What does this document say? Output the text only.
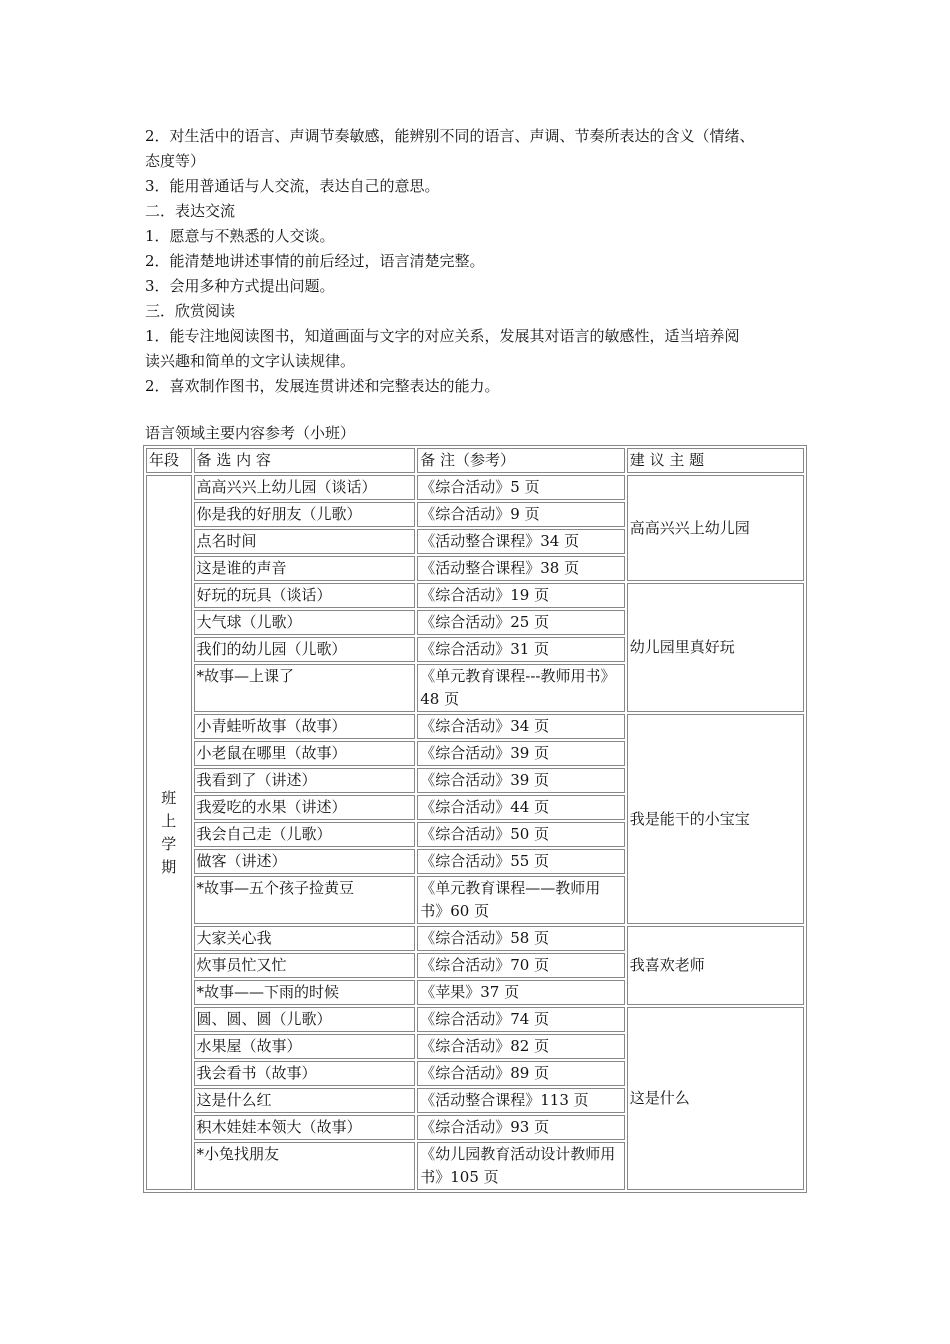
2．对生活中的语言、声调节奏敏感，能辨别不同的语言、声调、节奏所表达的含义（情绪、

态度等）

3．能用普通话与人交流，表达自己的意思。

二．表达交流

1．愿意与不熟悉的人交谈。

2．能清楚地讲述事情的前后经过，语言清楚完整。

3．会用多种方式提出问题。

三．欣赏阅读

1．能专注地阅读图书，知道画面与文字的对应关系，发展其对语言的敏感性，适当培养阅

读兴趣和简单的文字认读规律。

2．喜欢制作图书，发展连贯讲述和完整表达的能力。

语言领域主要内容参考（小班）
年段	备 选 内 容	备 注（参考）	建 议 主 题

班
上
学
期	高高兴兴上幼儿园（谈话）	《综合活动》5 页	高高兴兴上幼儿园
	你是我的好朋友（儿歌）	《综合活动》9 页	
	点名时间	《活动整合课程》34 页	
	这是谁的声音	《活动整合课程》38 页	
	好玩的玩具（谈话）	《综合活动》19 页	幼儿园里真好玩
	大气球（儿歌）	《综合活动》25 页	
	我们的幼儿园（儿歌）	《综合活动》31 页	
	*故事—上课了	《单元教育课程---教师用书》48 页	
	小青蛙听故事（故事）	《综合活动》34 页	我是能干的小宝宝
	小老鼠在哪里（故事）	《综合活动》39 页	
	我看到了（讲述）	《综合活动》39 页	
	我爱吃的水果（讲述）	《综合活动》44 页	
	我会自己走（儿歌）	《综合活动》50 页	
	做客（讲述）	《综合活动》55 页	
	*故事—五个孩子捡黄豆	《单元教育课程——教师用书》60 页	
	大家关心我	《综合活动》58 页	我喜欢老师
	炊事员忙又忙	《综合活动》70 页	
	*故事——下雨的时候	《苹果》37 页	
	圆、圆、圆（儿歌）	《综合活动》74 页	这是什么
	水果屋（故事）	《综合活动》82 页	
	我会看书（故事）	《综合活动》89 页	
	这是什么红	《活动整合课程》113 页	
	积木娃娃本领大（故事）	《综合活动》93 页	
	*小兔找朋友	《幼儿园教育活动设计教师用书》105 页	
